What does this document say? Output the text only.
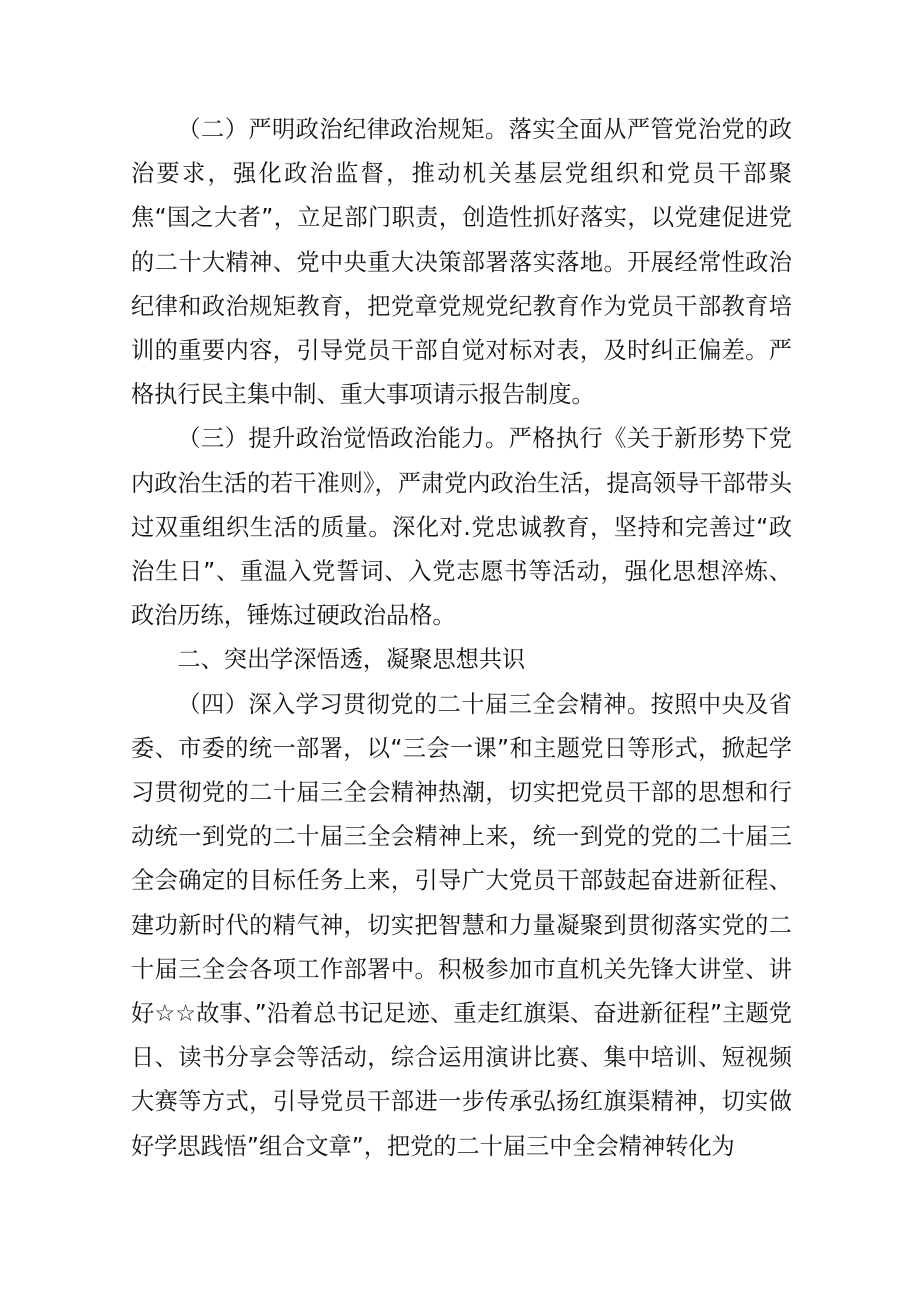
（二）严明政治纪律政治规矩。落实全面从严管党治党的政治要求，强化政治监督，推动机关基层党组织和党员干部聚焦“国之大者”，立足部门职责，创造性抓好落实，以党建促进党的二十大精神、党中央重大决策部署落实落地。开展经常性政治纪律和政治规矩教育，把党章党规党纪教育作为党员干部教育培训的重要内容，引导党员干部自觉对标对表，及时纠正偏差。严格执行民主集中制、重大事项请示报告制度。

（三）提升政治觉悟政治能力。严格执行《关于新形势下党内政治生活的若干准则》，严肃党内政治生活，提高领导干部带头过双重组织生活的质量。深化对.党忠诚教育，坚持和完善过“政治生日”、重温入党誓词、入党志愿书等活动，强化思想淬炼、政治历练，锤炼过硬政治品格。

二、突出学深悟透，凝聚思想共识

（四）深入学习贯彻党的二十届三全会精神。按照中央及省委、市委的统一部署，以“三会一课”和主题党日等形式，掀起学习贯彻党的二十届三全会精神热潮，切实把党员干部的思想和行动统一到党的二十届三全会精神上来，统一到党的党的二十届三全会确定的目标任务上来，引导广大党员干部鼓起奋进新征程、建功新时代的精气神，切实把智慧和力量凝聚到贯彻落实党的二十届三全会各项工作部署中。积极参加市直机关先锋大讲堂、讲好☆☆故事、”沿着总书记足迹、重走红旗渠、奋进新征程”主题党日、读书分享会等活动，综合运用演讲比赛、集中培训、短视频大赛等方式，引导党员干部进一步传承弘扬红旗渠精神，切实做好学思践悟”组合文章”，把党的二十届三中全会精神转化为
